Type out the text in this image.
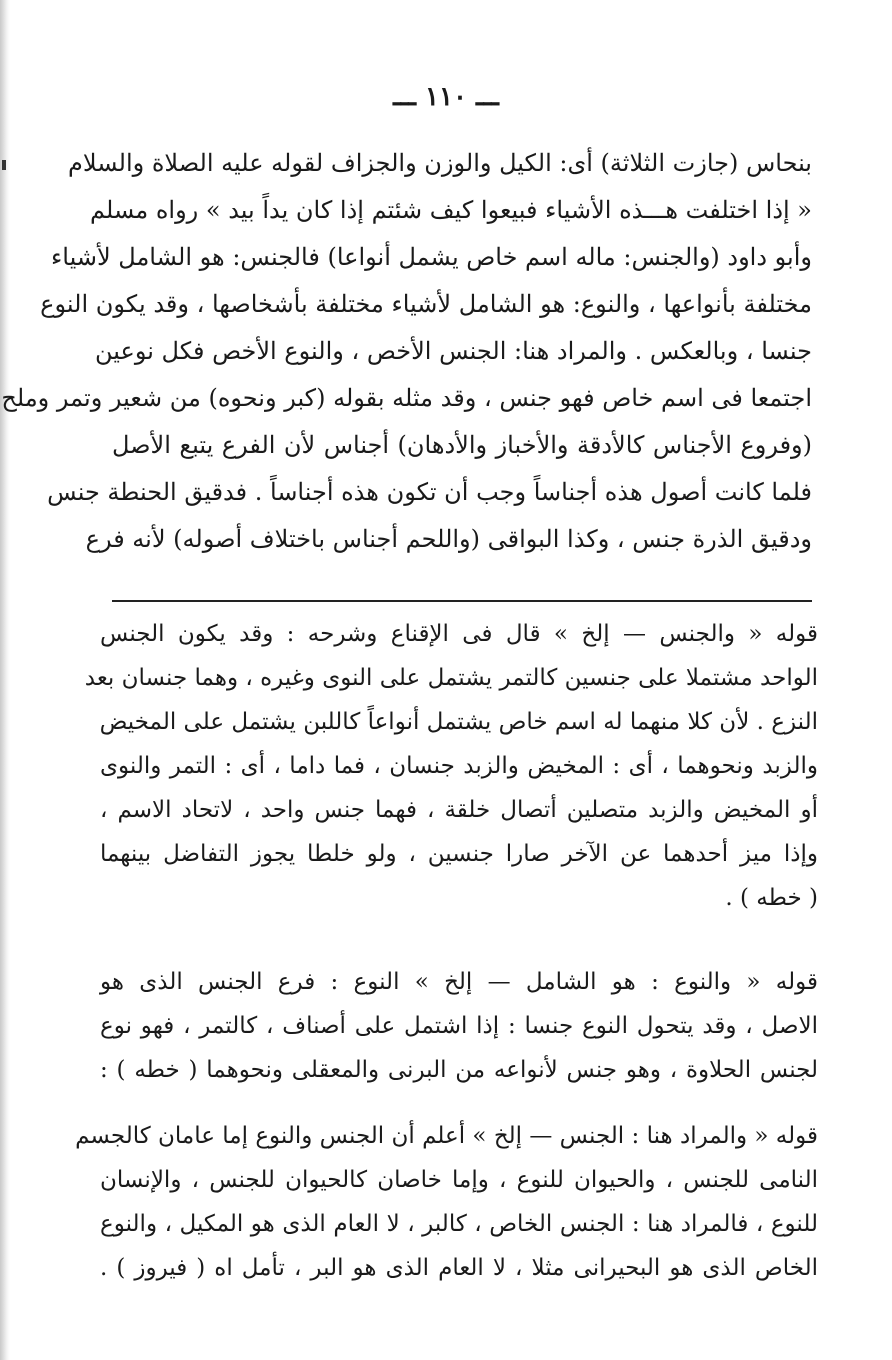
ـــ ١١٠ ـــ
بنحاس (جازت الثلاثة) أى: الكيل والوزن والجزاف لقوله عليه الصلاة والسلام
« إذا اختلفت هـــذه الأشياء فبيعوا كيف شئتم إذا كان يداً بيد » رواه مسلم
وأبو داود (والجنس: ماله اسم خاص يشمل أنواعا) فالجنس: هو الشامل لأشياء
مختلفة بأنواعها ، والنوع: هو الشامل لأشياء مختلفة بأشخاصها ، وقد يكون النوع
جنسا ، وبالعكس . والمراد هنا: الجنس الأخص ، والنوع الأخص فكل نوعين
اجتمعا فى اسم خاص فهو جنس ، وقد مثله بقوله (كبر ونحوه) من شعير وتمر وملح
(وفروع الأجناس كالأدقة والأخباز والأدهان) أجناس لأن الفرع يتبع الأصل
فلما كانت أصول هذه أجناساً وجب أن تكون هذه أجناساً . فدقيق الحنطة جنس
ودقيق الذرة جنس ، وكذا البواقى (واللحم أجناس باختلاف أصوله) لأنه فرع
قوله « والجنس — إلخ » قال فى الإقناع وشرحه : وقد يكون الجنس
الواحد مشتملا على جنسين كالتمر يشتمل على النوى وغيره ، وهما جنسان بعد
النزع . لأن كلا منهما له اسم خاص يشتمل أنواعاً كاللبن يشتمل على المخيض
والزبد ونحوهما ، أى : المخيض والزبد جنسان ، فما داما ، أى : التمر والنوى
أو المخيض والزبد متصلين أتصال خلقة ، فهما جنس واحد ، لاتحاد الاسم ،
وإذا ميز أحدهما عن الآخر صارا جنسين ، ولو خلطا يجوز التفاضل بينهما
( خطه ) .
قوله « والنوع : هو الشامل — إلخ » النوع : فرع الجنس الذى هو
الاصل ، وقد يتحول النوع جنسا : إذا اشتمل على أصناف ، كالتمر ، فهو نوع
لجنس الحلاوة ، وهو جنس لأنواعه من البرنى والمعقلى ونحوهما ( خطه ) :
قوله « والمراد هنا : الجنس — إلخ » أعلم أن الجنس والنوع إما عامان كالجسم
النامى للجنس ، والحيوان للنوع ، وإما خاصان كالحيوان للجنس ، والإنسان
للنوع ، فالمراد هنا : الجنس الخاص ، كالبر ، لا العام الذى هو المكيل ، والنوع
الخاص الذى هو البحيرانى مثلا ، لا العام الذى هو البر ، تأمل اه ( فيروز ) .
